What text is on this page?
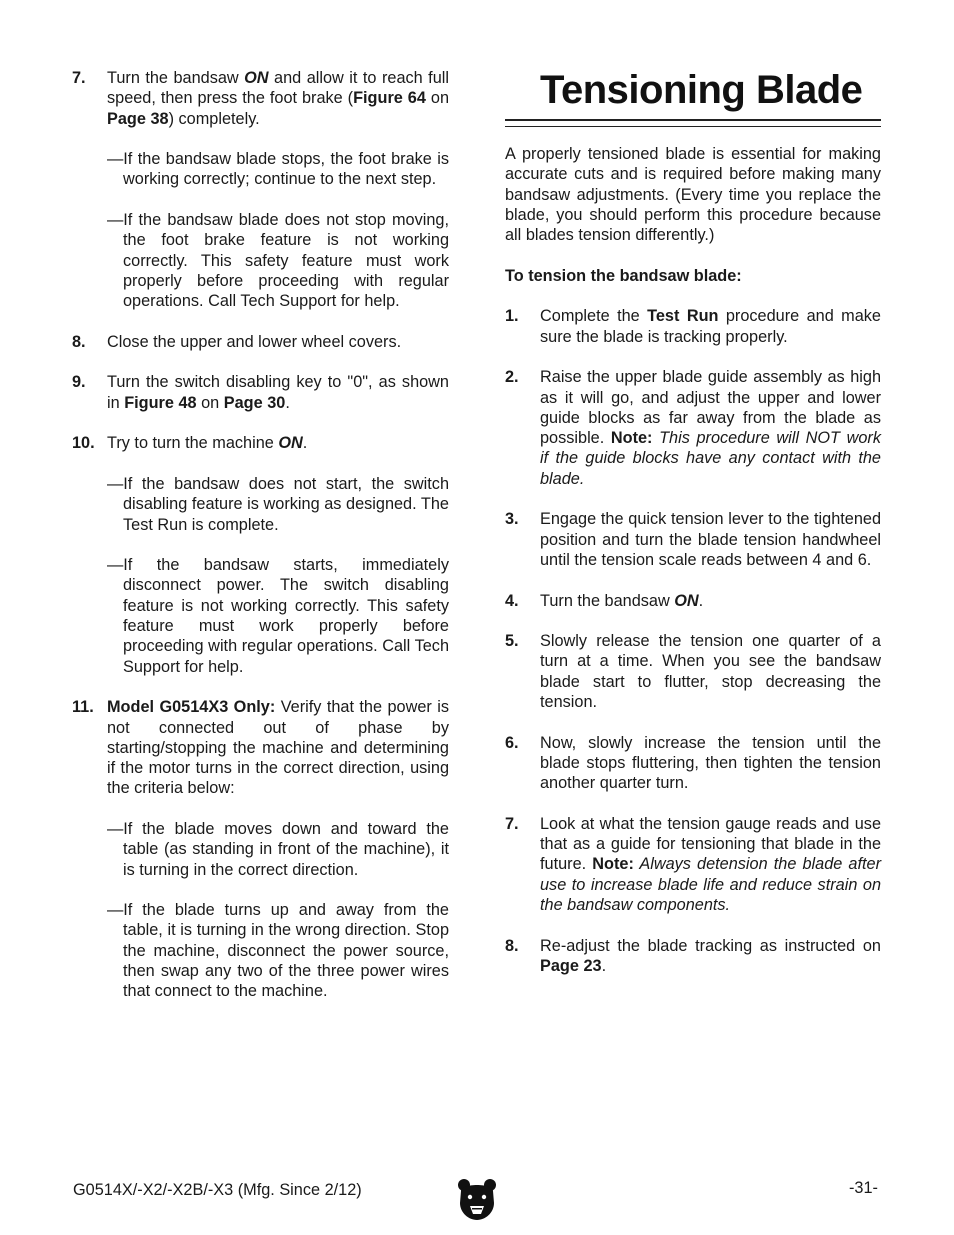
7. Turn the bandsaw ON and allow it to reach full speed, then press the foot brake (Figure 64 on Page 38) completely.
—If the bandsaw blade stops, the foot brake is working correctly; continue to the next step.
—If the bandsaw blade does not stop moving, the foot brake feature is not working correctly. This safety feature must work properly before proceeding with regular operations. Call Tech Support for help.
8. Close the upper and lower wheel covers.
9. Turn the switch disabling key to "0", as shown in Figure 48 on Page 30.
10. Try to turn the machine ON.
—If the bandsaw does not start, the switch disabling feature is working as designed. The Test Run is complete.
—If the bandsaw starts, immediately disconnect power. The switch disabling feature is not working correctly. This safety feature must work properly before proceeding with regular operations. Call Tech Support for help.
11. Model G0514X3 Only: Verify that the power is not connected out of phase by starting/stopping the machine and determining if the motor turns in the correct direction, using the criteria below:
—If the blade moves down and toward the table (as standing in front of the machine), it is turning in the correct direction.
—If the blade turns up and away from the table, it is turning in the wrong direction. Stop the machine, disconnect the power source, then swap any two of the three power wires that connect to the machine.
Tensioning Blade

A properly tensioned blade is essential for making accurate cuts and is required before making many bandsaw adjustments. (Every time you replace the blade, you should perform this procedure because all blades tension differently.)

To tension the bandsaw blade:

1. Complete the Test Run procedure and make sure the blade is tracking properly.
2. Raise the upper blade guide assembly as high as it will go, and adjust the upper and lower guide blocks as far away from the blade as possible. Note: This procedure will NOT work if the guide blocks have any contact with the blade.
3. Engage the quick tension lever to the tightened position and turn the blade tension handwheel until the tension scale reads between 4 and 6.
4. Turn the bandsaw ON.
5. Slowly release the tension one quarter of a turn at a time. When you see the bandsaw blade start to flutter, stop decreasing the tension.
6. Now, slowly increase the tension until the blade stops fluttering, then tighten the tension another quarter turn.
7. Look at what the tension gauge reads and use that as a guide for tensioning that blade in the future. Note: Always detension the blade after use to increase blade life and reduce strain on the bandsaw components.
8. Re-adjust the blade tracking as instructed on Page 23.
G0514X/-X2/-X2B/-X3 (Mfg. Since 2/12)	-31-
